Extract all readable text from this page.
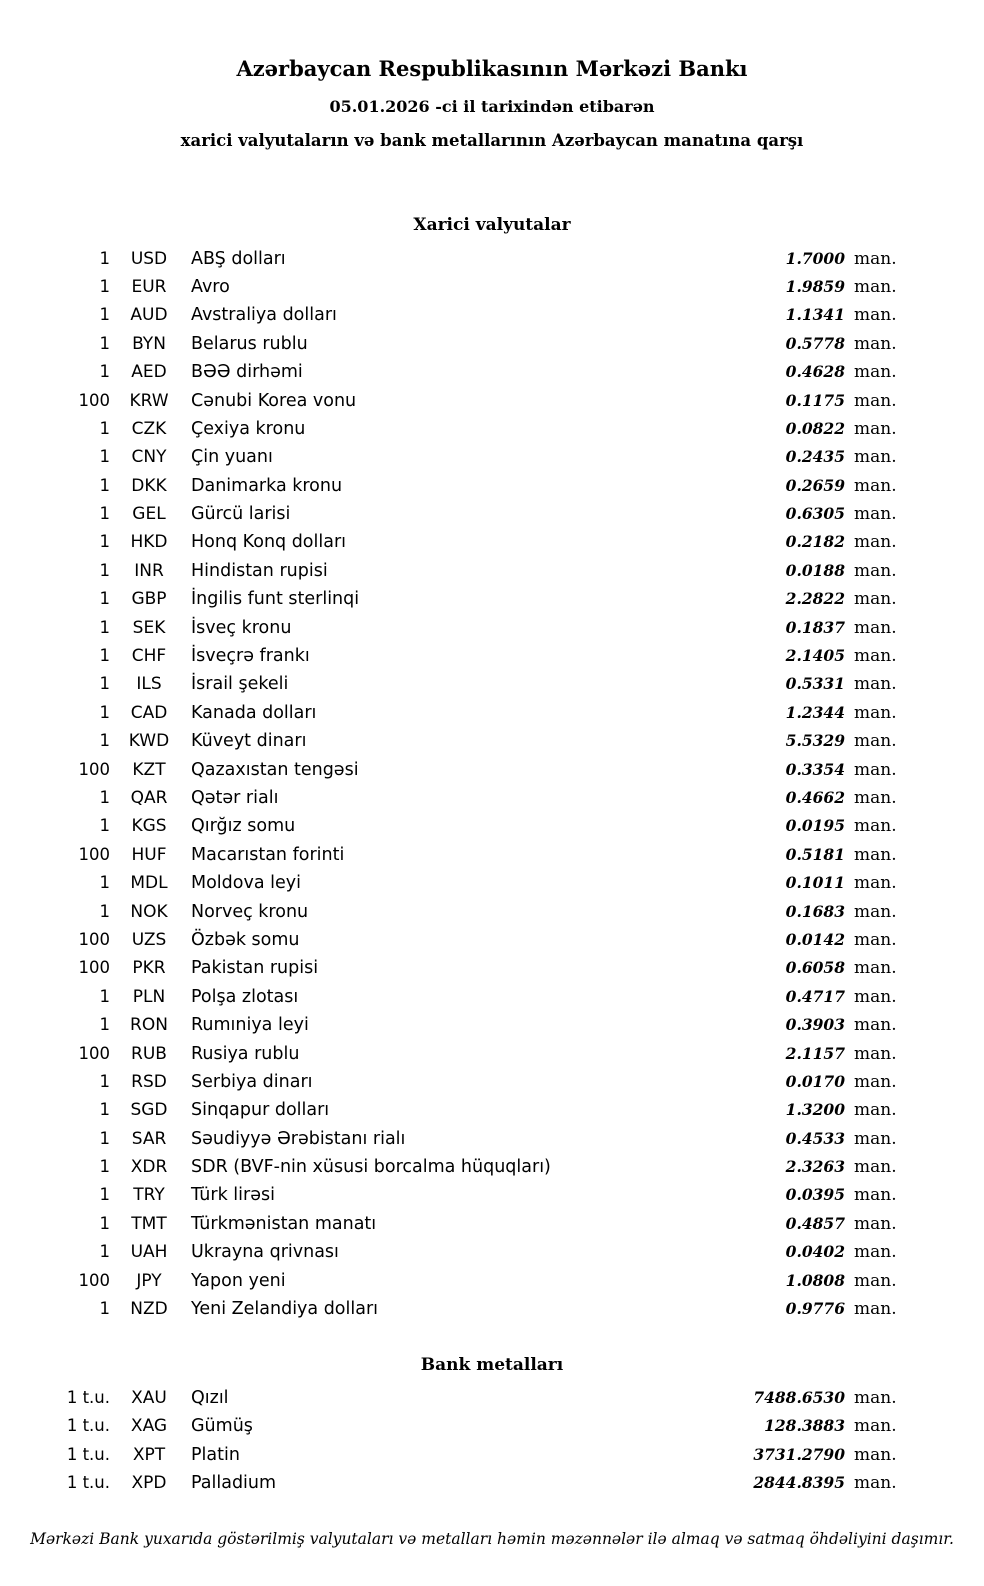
Azərbaycan Respublikasının Mərkəzi Bankı
05.01.2026 -ci il tarixindən etibarən
xarici valyutaların və bank metallarının Azərbaycan manatına qarşı
Xarici valyutalar
1	USD	ABŞ dolları	1.7000 man.
1	EUR	Avro	1.9859 man.
1	AUD	Avstraliya dolları	1.1341 man.
1	BYN	Belarus rublu	0.5778 man.
1	AED	BƏƏ dirhəmi	0.4628 man.
100	KRW	Cənubi Korea vonu	0.1175 man.
1	CZK	Çexiya kronu	0.0822 man.
1	CNY	Çin yuanı	0.2435 man.
1	DKK	Danimarka kronu	0.2659 man.
1	GEL	Gürcü larisi	0.6305 man.
1	HKD	Honq Konq dolları	0.2182 man.
1	INR	Hindistan rupisi	0.0188 man.
1	GBP	İngilis funt sterlinqi	2.2822 man.
1	SEK	İsveç kronu	0.1837 man.
1	CHF	İsveçrə frankı	2.1405 man.
1	ILS	İsrail şekeli	0.5331 man.
1	CAD	Kanada dolları	1.2344 man.
1	KWD	Küveyt dinarı	5.5329 man.
100	KZT	Qazaxıstan tengəsi	0.3354 man.
1	QAR	Qətər rialı	0.4662 man.
1	KGS	Qırğız somu	0.0195 man.
100	HUF	Macarıstan forinti	0.5181 man.
1	MDL	Moldova leyi	0.1011 man.
1	NOK	Norveç kronu	0.1683 man.
100	UZS	Özbək somu	0.0142 man.
100	PKR	Pakistan rupisi	0.6058 man.
1	PLN	Polşa zlotası	0.4717 man.
1	RON	Rumıniya leyi	0.3903 man.
100	RUB	Rusiya rublu	2.1157 man.
1	RSD	Serbiya dinarı	0.0170 man.
1	SGD	Sinqapur dolları	1.3200 man.
1	SAR	Səudiyyə Ərəbistanı rialı	0.4533 man.
1	XDR	SDR (BVF-nin xüsusi borcalma hüquqları)	2.3263 man.
1	TRY	Türk lirəsi	0.0395 man.
1	TMT	Türkmənistan manatı	0.4857 man.
1	UAH	Ukrayna qrivnası	0.0402 man.
100	JPY	Yapon yeni	1.0808 man.
1	NZD	Yeni Zelandiya dolları	0.9776 man.
Bank metalları
1 t.u.	XAU	Qızıl	7488.6530 man.
1 t.u.	XAG	Gümüş	128.3883 man.
1 t.u.	XPT	Platin	3731.2790 man.
1 t.u.	XPD	Palladium	2844.8395 man.
Mərkəzi Bank yuxarıda göstərilmiş valyutaları və metalları həmin məzənnələr ilə almaq və satmaq öhdəliyini daşımır.
